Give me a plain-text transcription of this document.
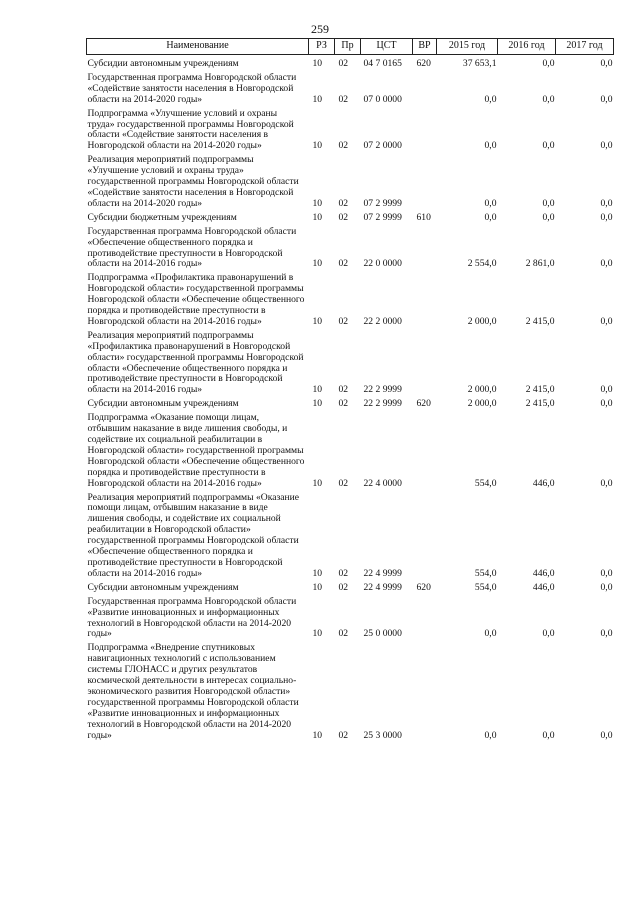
259
Наименование	РЗ	Пр	ЦСТ	ВР	2015 год	2016 год	2017 год
Субсидии автономным учреждениям	10	02	04 7 0165	620	37 653,1	0,0	0,0
Государственная программа Новгородской области «Содействие занятости населения в Новгородской области на 2014-2020 годы»	10	02	07 0 0000		0,0	0,0	0,0
Подпрограмма «Улучшение условий и охраны труда» государственной программы Новгородской области «Содействие занятости населения в Новгородской области на 2014-2020 годы»	10	02	07 2 0000		0,0	0,0	0,0
Реализация мероприятий подпрограммы «Улучшение условий и охраны труда» государственной программы Новгородской области «Содействие занятости населения в Новгородской области на 2014-2020 годы»	10	02	07 2 9999		0,0	0,0	0,0
Субсидии бюджетным учреждениям	10	02	07 2 9999	610	0,0	0,0	0,0
Государственная программа Новгородской области «Обеспечение общественного порядка и противодействие преступности в Новгородской области на 2014-2016 годы»	10	02	22 0 0000		2 554,0	2 861,0	0,0
Подпрограмма «Профилактика правонарушений в Новгородской области» государственной программы Новгородской области «Обеспечение общественного порядка и противодействие преступности в Новгородской области на 2014-2016 годы»	10	02	22 2 0000		2 000,0	2 415,0	0,0
Реализация мероприятий подпрограммы «Профилактика правонарушений в Новгородской области» государственной программы Новгородской области «Обеспечение общественного порядка и противодействие преступности в Новгородской области на 2014-2016 годы»	10	02	22 2 9999		2 000,0	2 415,0	0,0
Субсидии автономным учреждениям	10	02	22 2 9999	620	2 000,0	2 415,0	0,0
Подпрограмма «Оказание помощи лицам, отбывшим наказание в виде лишения свободы, и содействие их социальной реабилитации в Новгородской области» государственной программы Новгородской области «Обеспечение общественного порядка и противодействие преступности в Новгородской области на 2014-2016 годы»	10	02	22 4 0000		554,0	446,0	0,0
Реализация мероприятий подпрограммы «Оказание помощи лицам, отбывшим наказание в виде лишения свободы, и содействие их социальной реабилитации в Новгородской области» государственной программы Новгородской области «Обеспечение общественного порядка и противодействие преступности в Новгородской области на 2014-2016 годы»	10	02	22 4 9999		554,0	446,0	0,0
Субсидии автономным учреждениям	10	02	22 4 9999	620	554,0	446,0	0,0
Государственная программа Новгородской области «Развитие инновационных и информационных технологий в Новгородской области на 2014-2020 годы»	10	02	25 0 0000		0,0	0,0	0,0
Подпрограмма «Внедрение спутниковых навигационных технологий с использованием системы ГЛОНАСС и других результатов космической деятельности в интересах социально-экономического развития Новгородской области» государственной программы Новгородской области «Развитие инновационных и информационных технологий в Новгородской области на 2014-2020 годы»	10	02	25 3 0000		0,0	0,0	0,0
